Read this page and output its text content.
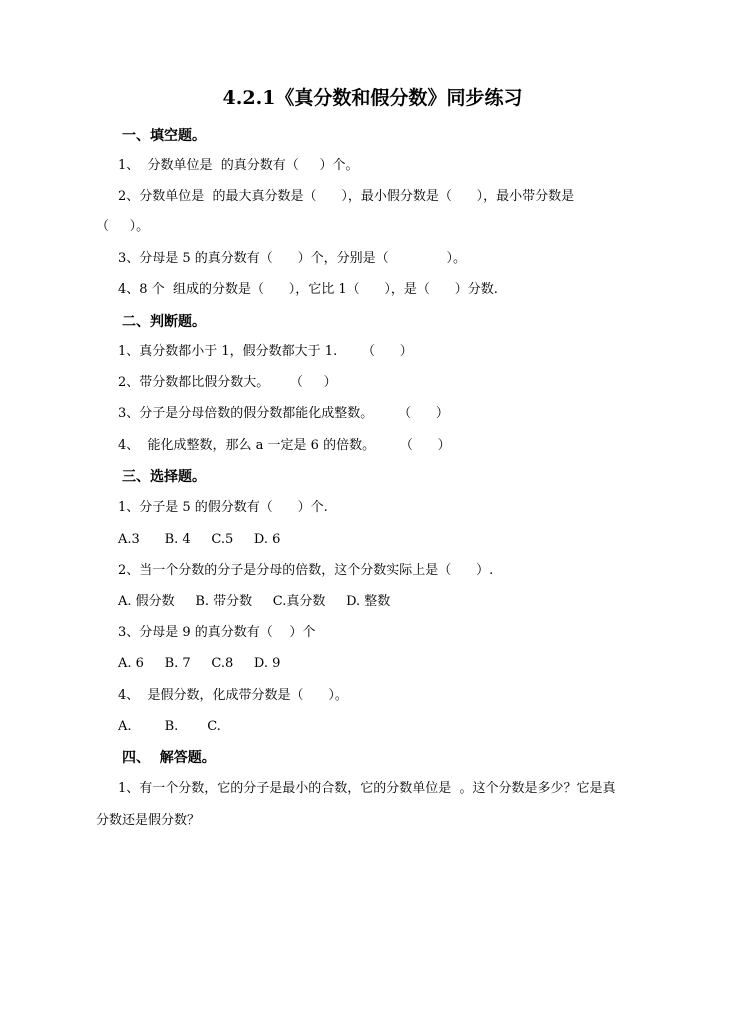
4.2.1《真分数和假分数》同步练习
一、填空题。
1、  分数单位是  的真分数有（     ）个。
2、分数单位是  的最大真分数是（      ），最小假分数是（      ），最小带分数是
（     ）。
3、分母是 5 的真分数有（      ）个，分别是（              ）。
4、8 个  组成的分数是（      ），它比 1（      ），是（      ）分数.
二、判断题。
1、真分数都小于 1，假分数都大于 1.      （      ）
2、带分数都比假分数大。     （     ）
3、分子是分母倍数的假分数都能化成整数。      （      ）
4、  能化成整数，那么 a 一定是 6 的倍数。      （      ）
三、选择题。
1、分子是 5 的假分数有（      ）个.
A.3      B. 4     C.5     D. 6
2、当一个分数的分子是分母的倍数，这个分数实际上是（      ）.
A. 假分数     B. 带分数     C.真分数     D. 整数
3、分母是 9 的真分数有（    ）个
A. 6     B. 7     C.8     D. 9
4、  是假分数，化成带分数是（      ）。
A.        B.       C.
四、  解答题。
1、有一个分数，它的分子是最小的合数，它的分数单位是  。这个分数是多少？它是真
分数还是假分数？
